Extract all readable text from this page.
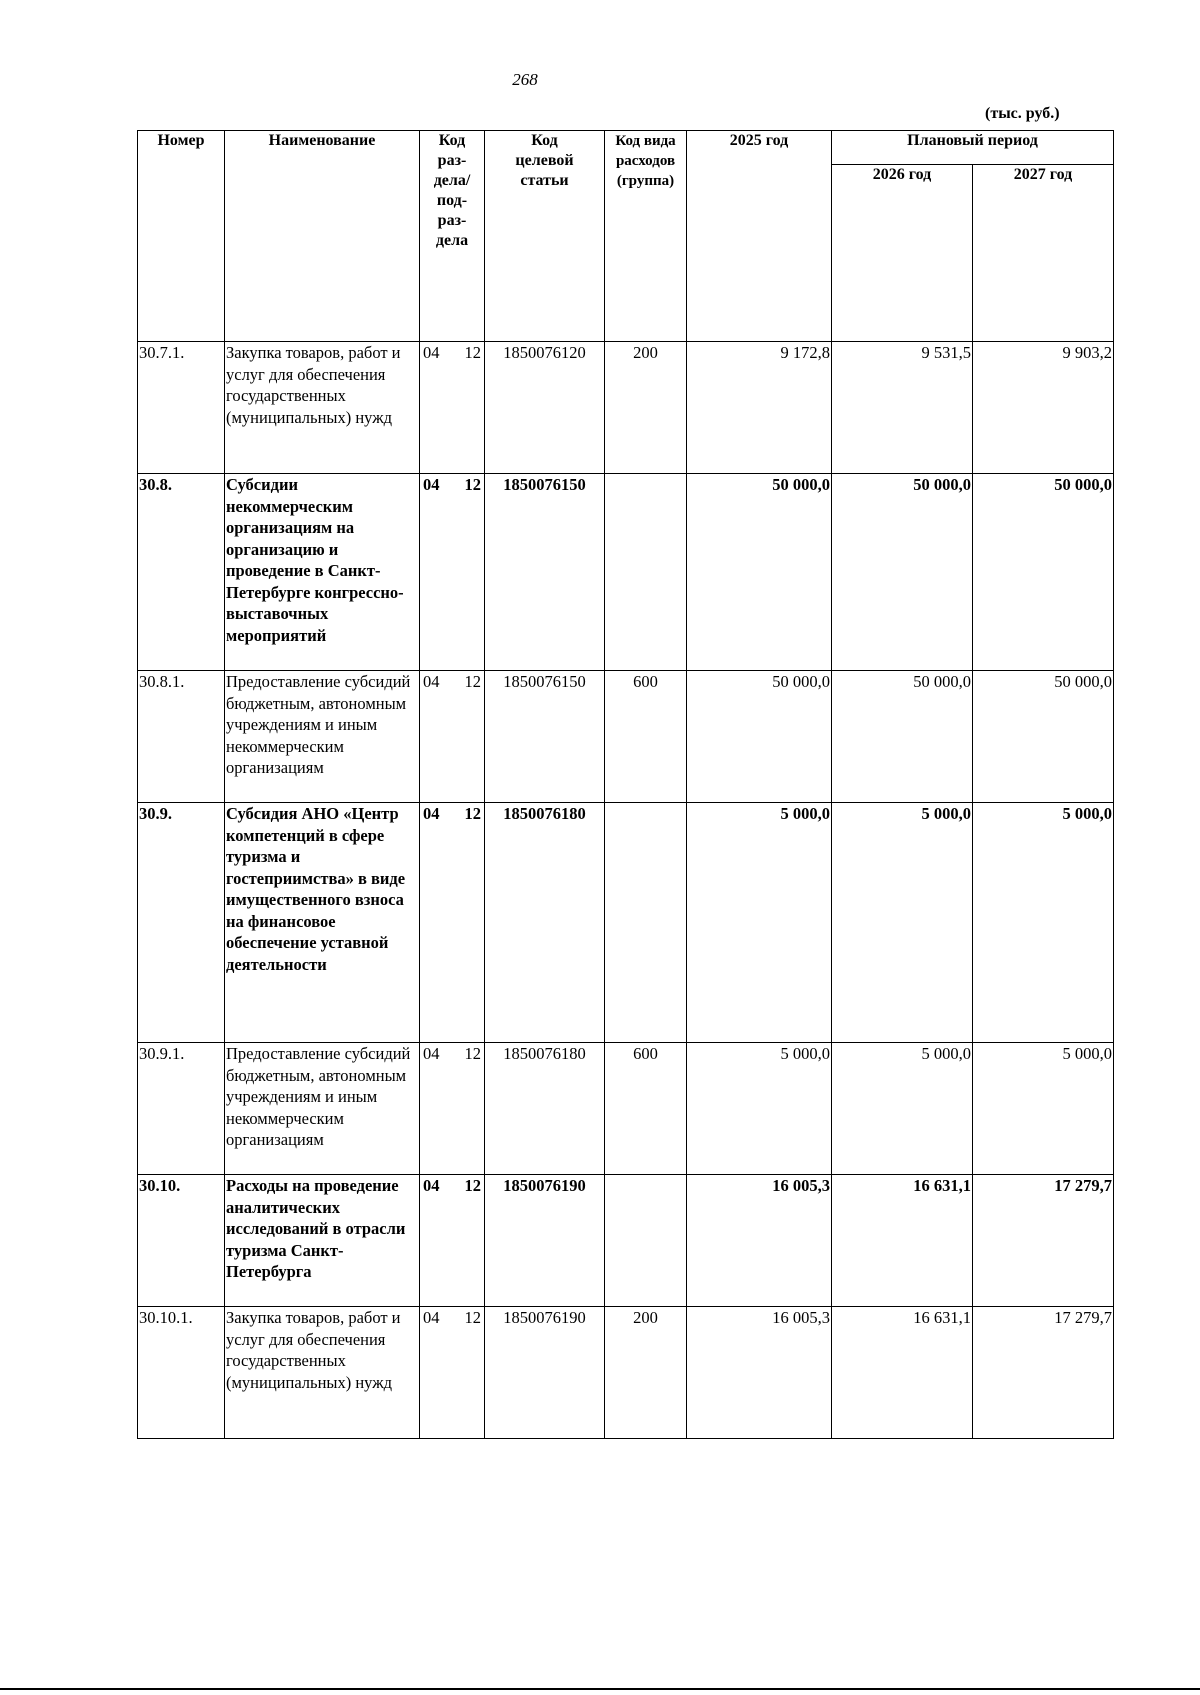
268
(тыс. руб.)
Номер	Наименование	Код раз-дела/ под-раз-дела	Код целевой статьи	Код вида расходов (группа)	2025 год	Плановый период	
						2026 год	2027 год
30.7.1.	Закупка товаров, работ и услуг для обеспечения государственных (муниципальных) нужд	04 12	1850076120	200	9 172,8	9 531,5	9 903,2
30.8.	Субсидии некоммерческим организациям на организацию и проведение в Санкт-Петербурге конгрессно-выставочных мероприятий	04 12	1850076150		50 000,0	50 000,0	50 000,0
30.8.1.	Предоставление субсидий бюджетным, автономным учреждениям и иным некоммерческим организациям	04 12	1850076150	600	50 000,0	50 000,0	50 000,0
30.9.	Субсидия АНО «Центр компетенций в сфере туризма и гостеприимства» в виде имущественного взноса на финансовое обеспечение уставной деятельности	04 12	1850076180		5 000,0	5 000,0	5 000,0
30.9.1.	Предоставление субсидий бюджетным, автономным учреждениям и иным некоммерческим организациям	04 12	1850076180	600	5 000,0	5 000,0	5 000,0
30.10.	Расходы на проведение аналитических исследований в отрасли туризма Санкт-Петербурга	04 12	1850076190		16 005,3	16 631,1	17 279,7
30.10.1.	Закупка товаров, работ и услуг для обеспечения государственных (муниципальных) нужд	04 12	1850076190	200	16 005,3	16 631,1	17 279,7
